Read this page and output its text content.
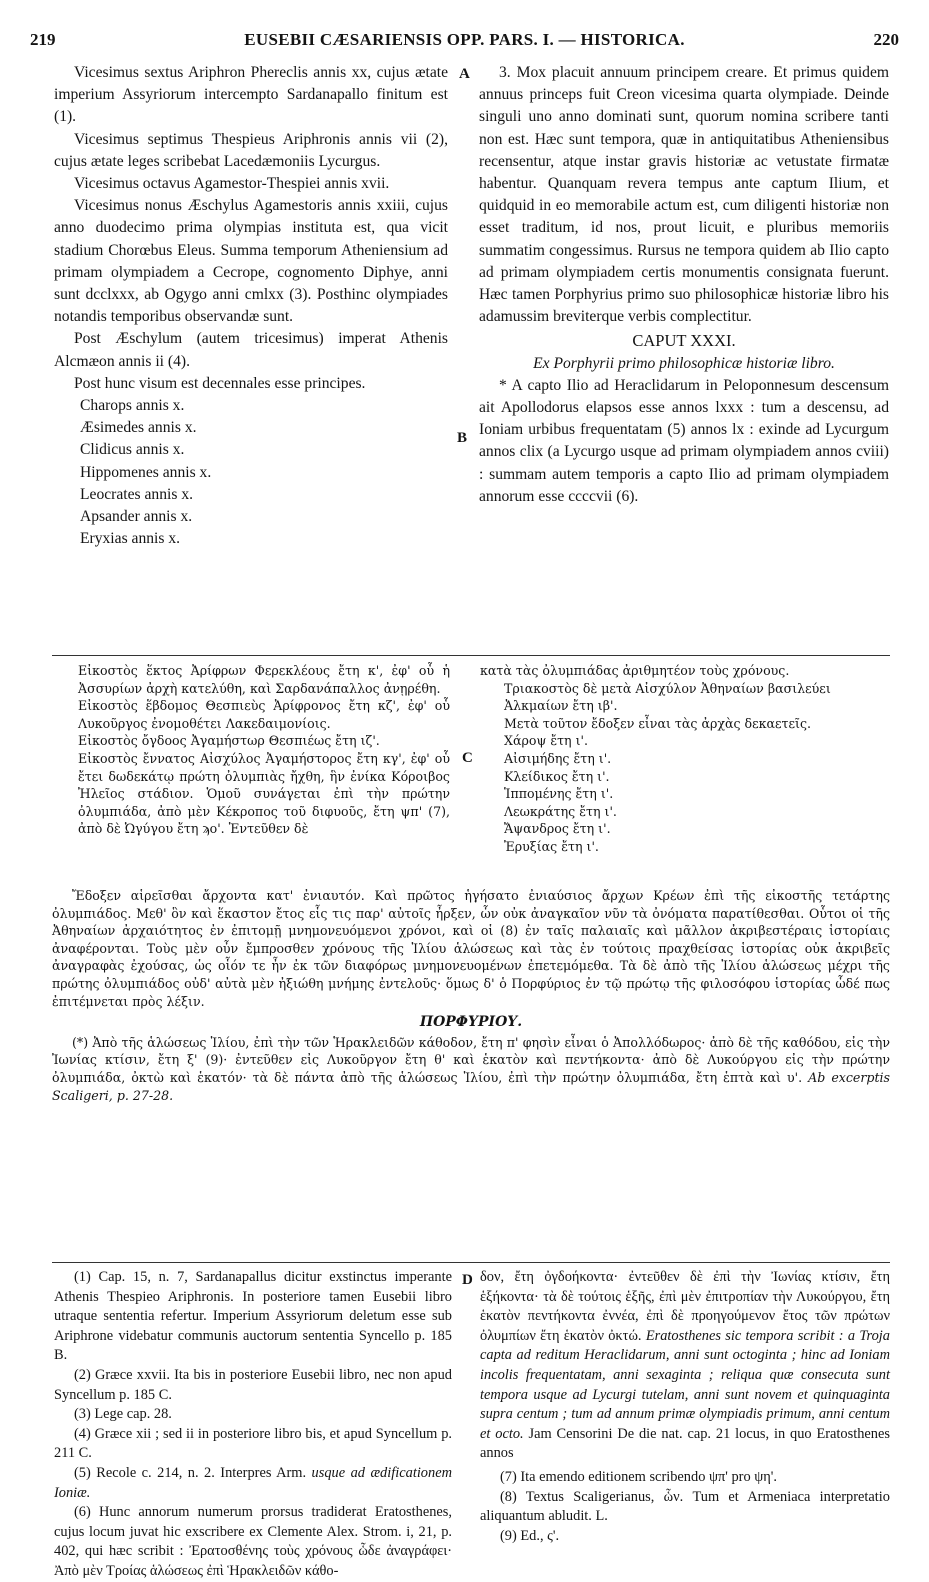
219	EUSEBII CÆSARIENSIS OPP. PARS. I. — HISTORICA.	220
A
B
C
D

Vicesimus sextus Ariphron Phereclis annis xx, cujus ætate imperium Assyriorum intercempto Sardanapallo finitum est (1).

Vicesimus septimus Thespieus Ariphronis annis vii (2), cujus ætate leges scribebat Lacedæmoniis Lycurgus.

Vicesimus octavus Agamestor-Thespiei annis xvii.

Vicesimus nonus Æschylus Agamestoris annis xxiii, cujus anno duodecimo prima olympias instituta est, qua vicit stadium Chorœbus Eleus. Summa temporum Atheniensium ad primam olympiadem a Cecrope, cognomento Diphye, anni sunt dcclxxx, ab Ogygo anni cmlxx (3). Posthinc olympiades notandis temporibus observandæ sunt.

Post Æschylum (autem tricesimus) imperat Athenis Alcmæon annis ii (4).

Post hunc visum est decennales esse principes.

Charops annis x.

Æsimedes annis x.

Clidicus annis x.

Hippomenes annis x.

Leocrates annis x.

Apsander annis x.

Eryxias annis x.

3. Mox placuit annuum principem creare. Et primus quidem annuus princeps fuit Creon vicesima quarta olympiade. Deinde singuli uno anno dominati sunt, quorum nomina scribere tanti non est. Hæc sunt tempora, quæ in antiquitatibus Atheniensibus recensentur, atque instar gravis historiæ ac vetustate firmatæ habentur. Quanquam revera tempus ante captum Ilium, et quidquid in eo memorabile actum est, cum diligenti historiæ non esset traditum, id nos, prout licuit, e pluribus memoriis summatim congessimus. Rursus ne tempora quidem ab Ilio capto ad primam olympiadem certis monumentis consignata fuerunt. Hæc tamen Porphyrius primo suo philosophicæ historiæ libro his adamussim breviterque verbis complectitur.

CAPUT XXXI.

Ex Porphyrii primo philosophicæ historiæ libro.

* A capto Ilio ad Heraclidarum in Peloponnesum descensum ait Apollodorus elapsos esse annos lxxx : tum a descensu, ad Ioniam urbibus frequentatam (5) annos lx : exinde ad Lycurgum annos clix (a Lycurgo usque ad primam olympiadem annos cviii) : summam autem temporis a capto Ilio ad primam olympiadem annorum esse ccccvii (6).

Εἰκοστὸς ἕκτος Ἀρίφρων Φερεκλέους ἔτη κ', ἐφ' οὗ ἡ Ἀσσυρίων ἀρχὴ κατελύθη, καὶ Σαρδανάπαλλος ἀνῃρέθη.

Εἰκοστὸς ἕβδομος Θεσπιεὺς Ἀρίφρονος ἔτη κζ', ἐφ' οὗ Λυκοῦργος ἐνομοθέτει Λακεδαιμονίοις.

Εἰκοστὸς ὄγδοος Ἀγαμήστωρ Θεσπιέως ἔτη ιζ'.

Εἰκοστὸς ἔννατος Αἰσχύλος Ἀγαμήστορος ἔτη κγ', ἐφ' οὗ ἔτει δωδεκάτῳ πρώτη ὀλυμπιὰς ἤχθη, ἣν ἐνίκα Κόροιβος Ἠλεῖος στάδιον. Ὁμοῦ συνάγεται ἐπὶ τὴν πρώτην ὀλυμπιάδα, ἀπὸ μὲν Κέκροπος τοῦ διφυοῦς, ἔτη ψπ' (7), ἀπὸ δὲ Ὠγύγου ἔτη ϡο'. Ἐντεῦθεν δὲ

κατὰ τὰς ὀλυμπιάδας ἀριθμητέον τοὺς χρόνους.

Τριακοστὸς δὲ μετὰ Αἰσχύλον Ἀθηναίων βασιλεύει Ἀλκμαίων ἔτη ιβ'.

Μετὰ τοῦτον ἔδοξεν εἶναι τὰς ἀρχὰς δεκαετεῖς.

Χάροψ ἔτη ι'.

Αἰσιμήδης ἔτη ι'.

Κλείδικος ἔτη ι'.

Ἱππομένης ἔτη ι'.

Λεωκράτης ἔτη ι'.

Ἄψανδρος ἔτη ι'.

Ἐρυξίας ἔτη ι'.

Ἔδοξεν αἱρεῖσθαι ἄρχοντα κατ' ἐνιαυτόν. Καὶ πρῶτος ἡγήσατο ἐνιαύσιος ἄρχων Κρέων ἐπὶ τῆς εἰκοστῆς τετάρτης ὀλυμπιάδος. Μεθ' ὃν καὶ ἕκαστον ἔτος εἷς τις παρ' αὐτοῖς ἦρξεν, ὧν οὐκ ἀναγκαῖον νῦν τὰ ὀνόματα παρατίθεσθαι. Οὗτοι οἱ τῆς Ἀθηναίων ἀρχαιότητος ἐν ἐπιτομῇ μνημονευόμενοι χρόνοι, καὶ οἱ (8) ἐν ταῖς παλαιαῖς καὶ μᾶλλον ἀκριβεστέραις ἱστορίαις ἀναφέρονται. Τοὺς μὲν οὖν ἔμπροσθεν χρόνους τῆς Ἰλίου ἁλώσεως καὶ τὰς ἐν τούτοις πραχθείσας ἱστορίας οὐκ ἀκριβεῖς ἀναγραφὰς ἐχούσας, ὡς οἷόν τε ἦν ἐκ τῶν διαφόρως μνημονευομένων ἐπετεμόμεθα. Τὰ δὲ ἀπὸ τῆς Ἰλίου ἁλώσεως μέχρι τῆς πρώτης ὀλυμπιάδος οὐδ' αὐτὰ μὲν ἠξιώθη μνήμης ἐντελοῦς· ὅμως δ' ὁ Πορφύριος ἐν τῷ πρώτῳ τῆς φιλοσόφου ἱστορίας ὧδέ πως ἐπιτέμνεται πρὸς λέξιν.

ΠΟΡΦΥΡΙΟΥ.

(*) Ἀπὸ τῆς ἁλώσεως Ἰλίου, ἐπὶ τὴν τῶν Ἡρακλειδῶν κάθοδον, ἔτη π' φησὶν εἶναι ὁ Ἀπολλόδωρος· ἀπὸ δὲ τῆς καθόδου, εἰς τὴν Ἰωνίας κτίσιν, ἔτη ξ' (9)· ἐντεῦθεν εἰς Λυκοῦργον ἔτη θ' καὶ ἑκατὸν καὶ πεντήκοντα· ἀπὸ δὲ Λυκούργου εἰς τὴν πρώτην ὀλυμπιάδα, ὀκτὼ καὶ ἑκατόν· τὰ δὲ πάντα ἀπὸ τῆς ἁλώσεως Ἰλίου, ἐπὶ τὴν πρώτην ὀλυμπιάδα, ἔτη ἑπτὰ καὶ υ'. Ab excerptis Scaligeri, p. 27-28.

(1) Cap. 15, n. 7, Sardanapallus dicitur exstinctus imperante Athenis Thespieo Ariphronis. In posteriore tamen Eusebii libro utraque sententia refertur. Imperium Assyriorum deletum esse sub Ariphrone videbatur communis auctorum sententia Syncello p. 185 B.

(2) Græce xxvii. Ita bis in posteriore Eusebii libro, nec non apud Syncellum p. 185 C.

(3) Lege cap. 28.

(4) Græce xii ; sed ii in posteriore libro bis, et apud Syncellum p. 211 C.

(5) Recole c. 214, n. 2. Interpres Arm. usque ad ædificationem Ioniæ.

(6) Hunc annorum numerum prorsus tradiderat Eratosthenes, cujus locum juvat hic exscribere ex Clemente Alex. Strom. i, 21, p. 402, qui hæc scribit : Ἐρατοσθένης τοὺς χρόνους ὧδε ἀναγράφει· Ἀπὸ μὲν Τροίας ἁλώσεως ἐπὶ Ἡρακλειδῶν κάθο-

δον, ἔτη ὀγδοήκοντα· ἐντεῦθεν δὲ ἐπὶ τὴν Ἰωνίας κτίσιν, ἔτη ἑξήκοντα· τὰ δὲ τούτοις ἑξῆς, ἐπὶ μὲν ἐπιτροπίαν τὴν Λυκούργου, ἔτη ἑκατὸν πεντήκοντα ἐννέα, ἐπὶ δὲ προηγούμενον ἔτος τῶν πρώτων ὀλυμπίων ἔτη ἑκατὸν ὀκτώ. Eratosthenes sic tempora scribit : a Troja capta ad reditum Heraclidarum, anni sunt octoginta ; hinc ad Ioniam incolis frequentatam, anni sexaginta ; reliqua quæ consecuta sunt tempora usque ad Lycurgi tutelam, anni sunt novem et quinquaginta supra centum ; tum ad annum primæ olympiadis primum, anni centum et octo. Jam Censorini De die nat. cap. 21 locus, in quo Eratosthenes annos

(7) Ita emendo editionem scribendo ψπ' pro ψη'.

(8) Textus Scaligerianus, ὧν. Tum et Armeniaca interpretatio aliquantum abludit. L.

(9) Ed., ς'.
